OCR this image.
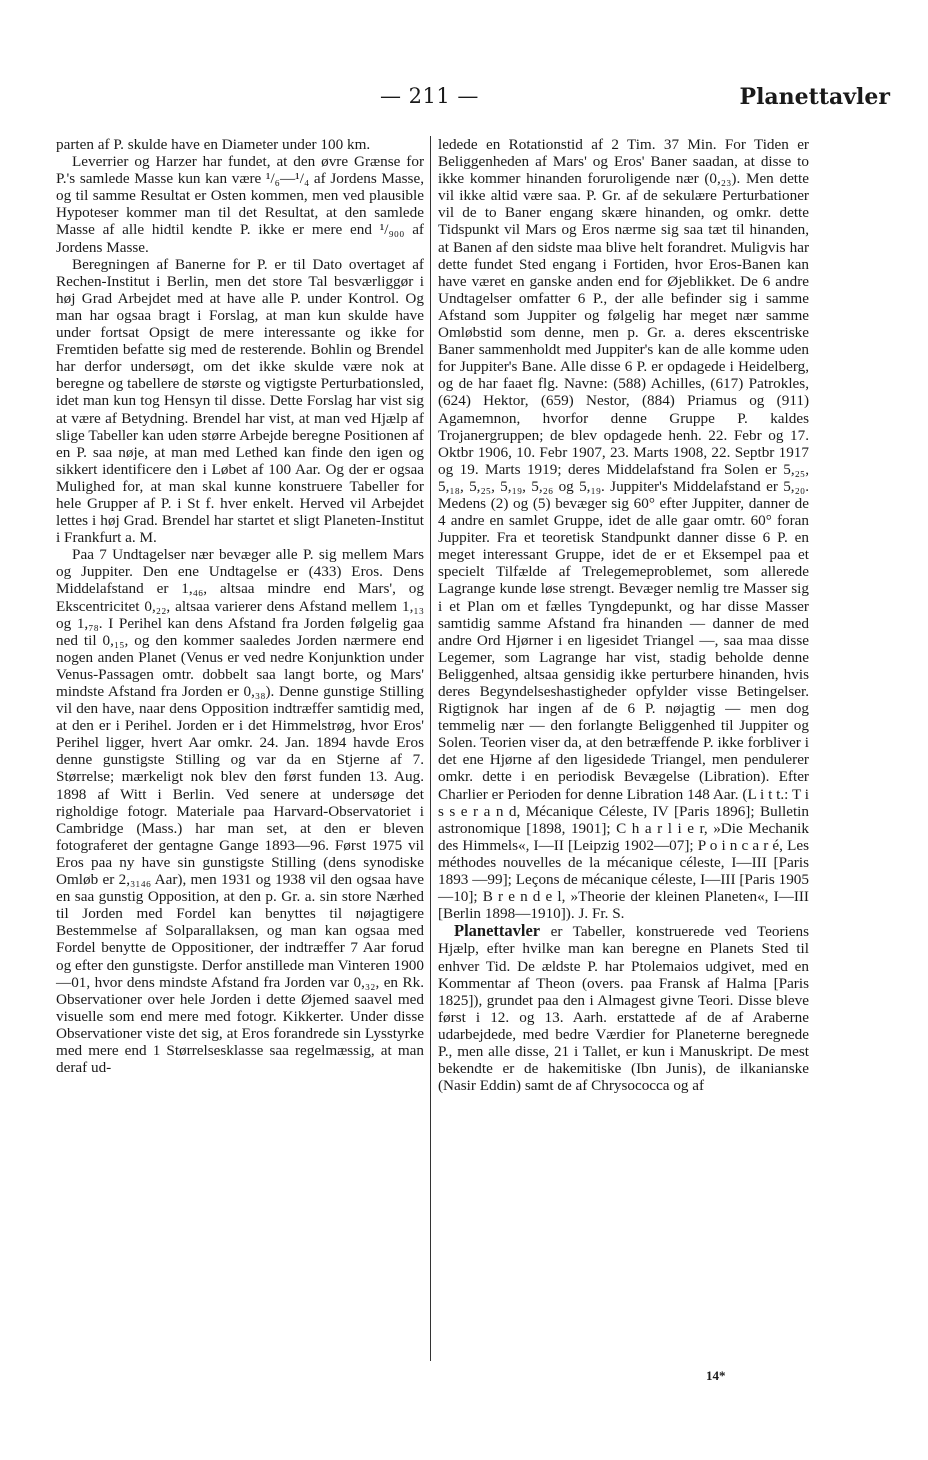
— 211 —	Planettavler

parten af P. skulde have en Diameter under 100 km.

Leverrier og Harzer har fundet, at den øvre Grænse for P.'s samlede Masse kun kan være ¹/₆—¹/₄ af Jordens Masse, og til samme Resultat er Osten kommen, men ved plausible Hypoteser kommer man til det Resultat, at den samlede Masse af alle hidtil kendte P. ikke er mere end ¹/₉₀₀ af Jordens Masse.

Beregningen af Banerne for P. er til Dato overtaget af Rechen-Institut i Berlin, men det store Tal besværliggør i høj Grad Arbejdet med at have alle P. under Kontrol. Og man har ogsaa bragt i Forslag, at man kun skulde have under fortsat Opsigt de mere interessante og ikke for Fremtiden befatte sig med de resterende. Bohlin og Brendel har derfor undersøgt, om det ikke skulde være nok at beregne og tabellere de største og vigtigste Perturbationsled, idet man kun tog Hensyn til disse. Dette Forslag har vist sig at være af Betydning. Brendel har vist, at man ved Hjælp af slige Tabeller kan uden større Arbejde beregne Positionen af en P. saa nøje, at man med Lethed kan finde den igen og sikkert identificere den i Løbet af 100 Aar. Og der er ogsaa Mulighed for, at man skal kunne konstruere Tabeller for hele Grupper af P. i St f. hver enkelt. Herved vil Arbejdet lettes i høj Grad. Brendel har startet et sligt Planeten-Institut i Frankfurt a. M.

Paa 7 Undtagelser nær bevæger alle P. sig mellem Mars og Juppiter. Den ene Undtagelse er (433) Eros. Dens Middelafstand er 1,₄₆, altsaa mindre end Mars', og Ekscentricitet 0,₂₂, altsaa varierer dens Afstand mellem 1,₁₃ og 1,₇₈. I Perihel kan dens Afstand fra Jorden følgelig gaa ned til 0,₁₅, og den kommer saaledes Jorden nærmere end nogen anden Planet (Venus er ved nedre Konjunktion under Venus-Passagen omtr. dobbelt saa langt borte, og Mars' mindste Afstand fra Jorden er 0,₃₈). Denne gunstige Stilling vil den have, naar dens Opposition indtræffer samtidig med, at den er i Perihel. Jorden er i det Himmelstrøg, hvor Eros' Perihel ligger, hvert Aar omkr. 24. Jan. 1894 havde Eros denne gunstigste Stilling og var da en Stjerne af 7. Størrelse; mærkeligt nok blev den først funden 13. Aug. 1898 af Witt i Berlin. Ved senere at undersøge det righoldige fotogr. Materiale paa Harvard-Observatoriet i Cambridge (Mass.) har man set, at den er bleven fotograferet der gentagne Gange 1893—96. Først 1975 vil Eros paa ny have sin gunstigste Stilling (dens synodiske Omløb er 2,₃₁₄₆ Aar), men 1931 og 1938 vil den ogsaa have en saa gunstig Opposition, at den p. Gr. a. sin store Nærhed til Jorden med Fordel kan benyttes til nøjagtigere Bestemmelse af Solparallaksen, og man kan ogsaa med Fordel benytte de Oppositioner, der indtræffer 7 Aar forud og efter den gunstigste. Derfor anstillede man Vinteren 1900—01, hvor dens mindste Afstand fra Jorden var 0,₃₂, en Rk. Observationer over hele Jorden i dette Øjemed saavel med visuelle som end mere med fotogr. Kikkerter. Under disse Observationer viste det sig, at Eros forandrede sin Lysstyrke med mere end 1 Størrelsesklasse saa regelmæssig, at man deraf ud-

ledede en Rotationstid af 2 Tim. 37 Min. For Tiden er Beliggenheden af Mars' og Eros' Baner saadan, at disse to ikke kommer hinanden foruroligende nær (0,₂₃). Men dette vil ikke altid være saa. P. Gr. af de sekulære Perturbationer vil de to Baner engang skære hinanden, og omkr. dette Tidspunkt vil Mars og Eros nærme sig saa tæt til hinanden, at Banen af den sidste maa blive helt forandret. Muligvis har dette fundet Sted engang i Fortiden, hvor Eros-Banen kan have været en ganske anden end for Øjeblikket. De 6 andre Undtagelser omfatter 6 P., der alle befinder sig i samme Afstand som Juppiter og følgelig har meget nær samme Omløbstid som denne, men p. Gr. a. deres ekscentriske Baner sammenholdt med Juppiter's kan de alle komme uden for Juppiter's Bane. Alle disse 6 P. er opdagede i Heidelberg, og de har faaet flg. Navne: (588) Achilles, (617) Patrokles, (624) Hektor, (659) Nestor, (884) Priamus og (911) Agamemnon, hvorfor denne Gruppe P. kaldes Trojanergruppen; de blev opdagede henh. 22. Febr og 17. Oktbr 1906, 10. Febr 1907, 23. Marts 1908, 22. Septbr 1917 og 19. Marts 1919; deres Middelafstand fra Solen er 5,₂₅, 5,₁₈, 5,₂₅, 5,₁₉, 5,₂₆ og 5,₁₉. Juppiter's Middelafstand er 5,₂₀. Medens (2) og (5) bevæger sig 60° efter Juppiter, danner de 4 andre en samlet Gruppe, idet de alle gaar omtr. 60° foran Juppiter. Fra et teoretisk Standpunkt danner disse 6 P. en meget interessant Gruppe, idet de er et Eksempel paa et specielt Tilfælde af Trelegemeproblemet, som allerede Lagrange kunde løse strengt. Bevæger nemlig tre Masser sig i et Plan om et fælles Tyngdepunkt, og har disse Masser samtidig samme Afstand fra hinanden — danner de med andre Ord Hjørner i en ligesidet Triangel —, saa maa disse Legemer, som Lagrange har vist, stadig beholde denne Beliggenhed, altsaa gensidig ikke perturbere hinanden, hvis deres Begyndelseshastigheder opfylder visse Betingelser. Rigtignok har ingen af de 6 P. nøjagtig — men dog temmelig nær — den forlangte Beliggenhed til Juppiter og Solen. Teorien viser da, at den betræffende P. ikke forbliver i det ene Hjørne af den ligesidede Triangel, men pendulerer omkr. dette i en periodisk Bevægelse (Libration). Efter Charlier er Perioden for denne Libration 148 Aar. (L i t t.: T i s s e r a n d, Mécanique Céleste, IV [Paris 1896]; Bulletin astronomique [1898, 1901]; C h a r l i e r, »Die Mechanik des Himmels«, I—II [Leipzig 1902—07]; P o i n c a r é, Les méthodes nouvelles de la mécanique céleste, I—III [Paris 1893 —99]; Leçons de mécanique céleste, I—III [Paris 1905—10]; B r e n d e l, »Theorie der kleinen Planeten«, I—III [Berlin 1898—1910]). J. Fr. S.

Planettavler er Tabeller, konstruerede ved Teoriens Hjælp, efter hvilke man kan beregne en Planets Sted til enhver Tid. De ældste P. har Ptolemaios udgivet, med en Kommentar af Theon (overs. paa Fransk af Halma [Paris 1825]), grundet paa den i Almagest givne Teori. Disse bleve først i 12. og 13. Aarh. erstattede af de af Araberne udarbejdede, med bedre Værdier for Planeterne beregnede P., men alle disse, 21 i Tallet, er kun i Manuskript. De mest bekendte er de hakemitiske (Ibn Junis), de ilkanianske (Nasir Eddin) samt de af Chrysococca og af

14*
